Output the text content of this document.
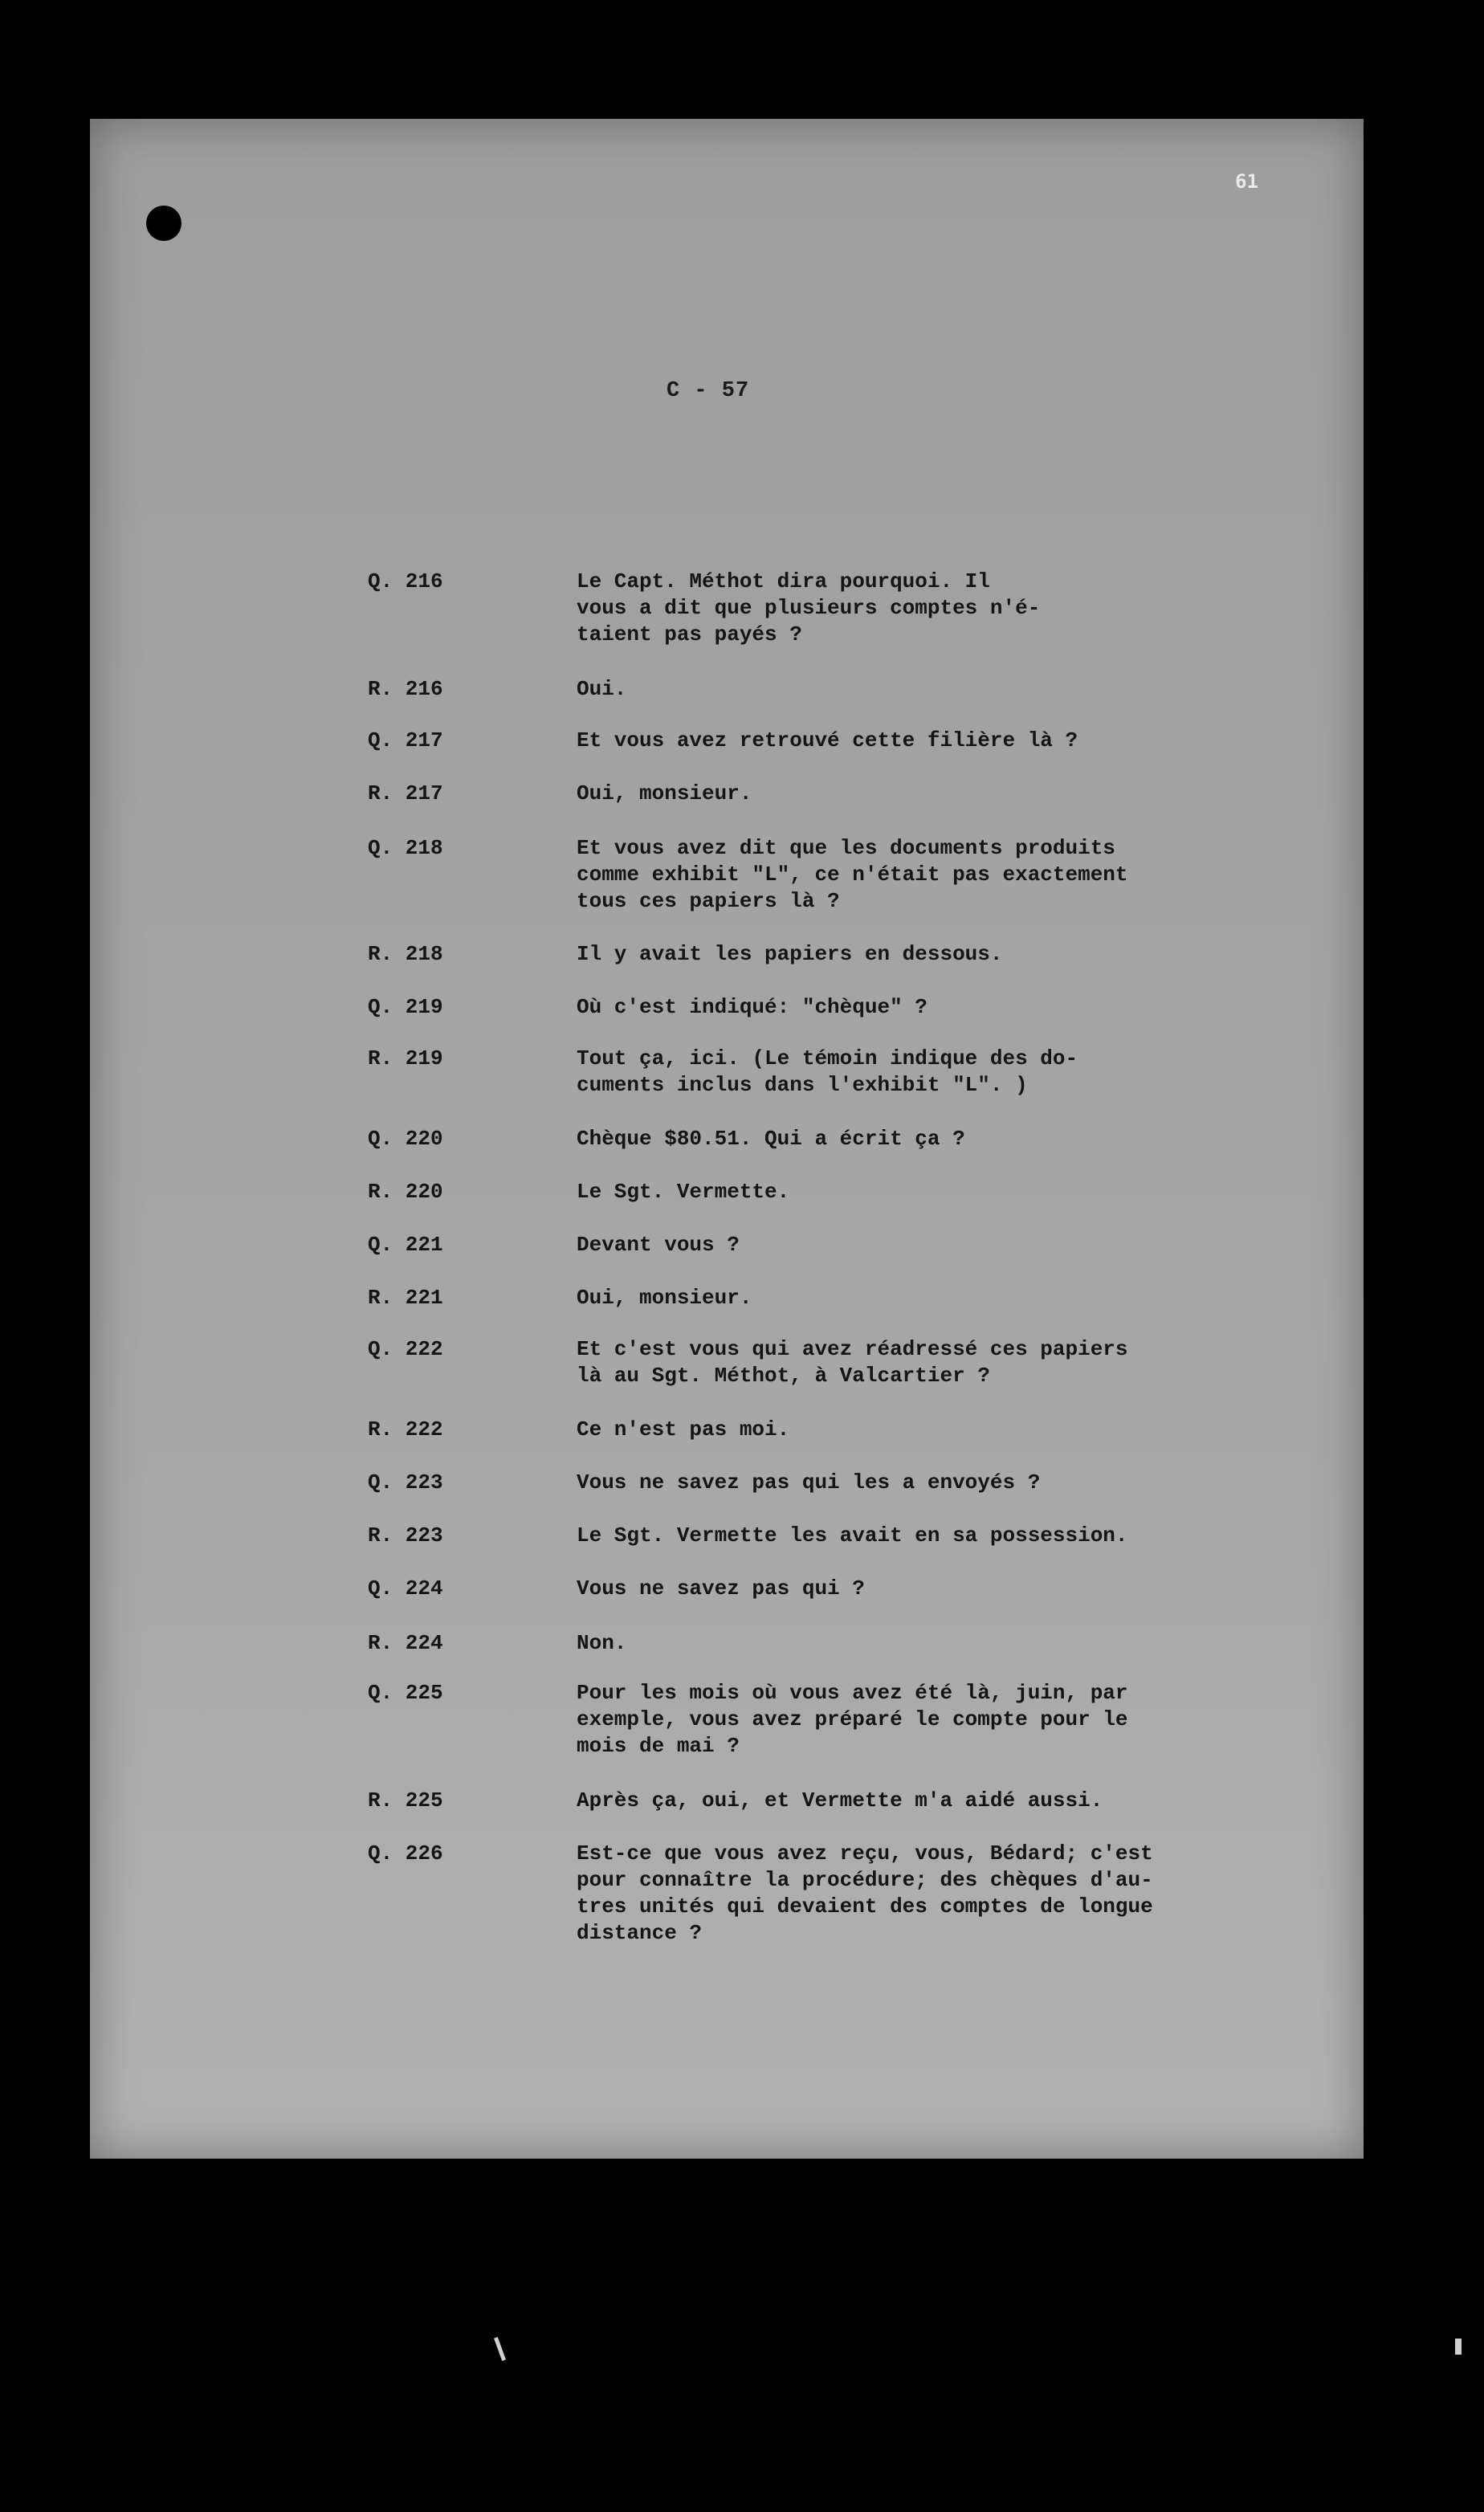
61
C - 57
Q. 216	Le Capt. Méthot dira pourquoi. Il
vous a dit que plusieurs comptes n'é-
taient pas payés ?
R. 216	Oui.
Q. 217	Et vous avez retrouvé cette filière là ?
R. 217	Oui, monsieur.
Q. 218	Et vous avez dit que les documents produits
comme exhibit "L", ce n'était pas exactement
tous ces papiers là ?
R. 218	Il y avait les papiers en dessous.
Q. 219	Où c'est indiqué: "chèque" ?
R. 219	Tout ça, ici. (Le témoin indique des do-
cuments inclus dans l'exhibit "L". )
Q. 220	Chèque $80.51. Qui a écrit ça ?
R. 220	Le Sgt. Vermette.
Q. 221	Devant vous ?
R. 221	Oui, monsieur.
Q. 222	Et c'est vous qui avez réadressé ces papiers
là au Sgt. Méthot, à Valcartier ?
R. 222	Ce n'est pas moi.
Q. 223	Vous ne savez pas qui les a envoyés ?
R. 223	Le Sgt. Vermette les avait en sa possession.
Q. 224	Vous ne savez pas qui ?
R. 224	Non.
Q. 225	Pour les mois où vous avez été là, juin, par
exemple, vous avez préparé le compte pour le
mois de mai ?
R. 225	Après ça, oui, et Vermette m'a aidé aussi.
Q. 226	Est-ce que vous avez reçu, vous, Bédard; c'est
pour connaître la procédure; des chèques d'au-
tres unités qui devaient des comptes de longue
distance ?
